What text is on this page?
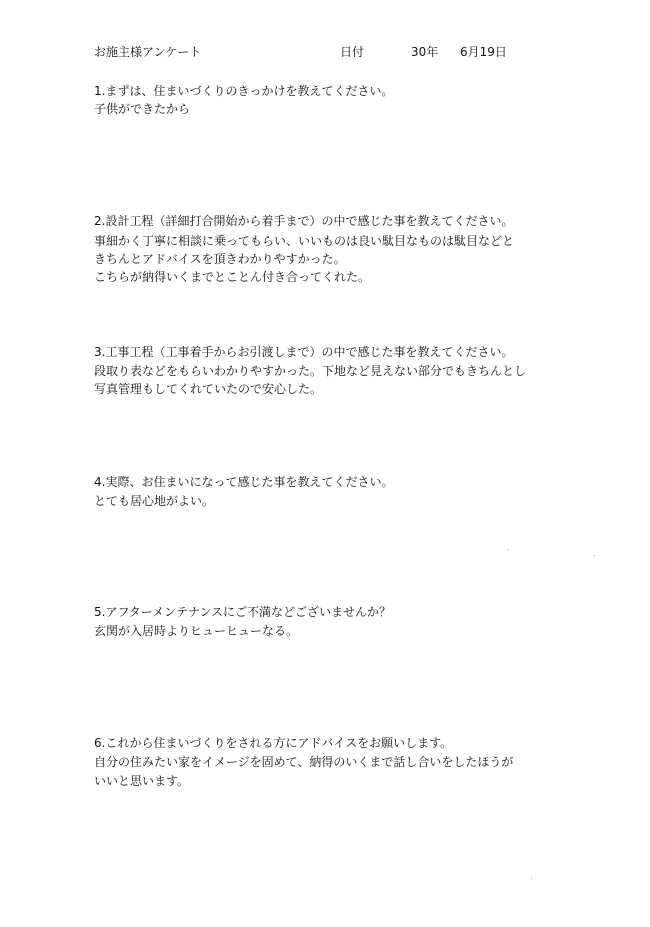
お施主様アンケート	日付	30年 6月19日
1.まずは、住まいづくりのきっかけを教えてください。
子供ができたから
2.設計工程（詳細打合開始から着手まで）の中で感じた事を教えてください。
事細かく丁寧に相談に乗ってもらい、いいものは良い駄目なものは駄目などと
きちんとアドバイスを頂きわかりやすかった。
こちらが納得いくまでとことん付き合ってくれた。
3.工事工程（工事着手からお引渡しまで）の中で感じた事を教えてください。
段取り表などをもらいわかりやすかった。下地など見えない部分でもきちんとし
写真管理もしてくれていたので安心した。
4.実際、お住まいになって感じた事を教えてください。
とても居心地がよい。
5.アフターメンテナンスにご不満などございませんか？
玄関が入居時よりヒューヒューなる。
6.これから住まいづくりをされる方にアドバイスをお願いします。
自分の住みたい家をイメージを固めて、納得のいくまで話し合いをしたほうが
いいと思います。
